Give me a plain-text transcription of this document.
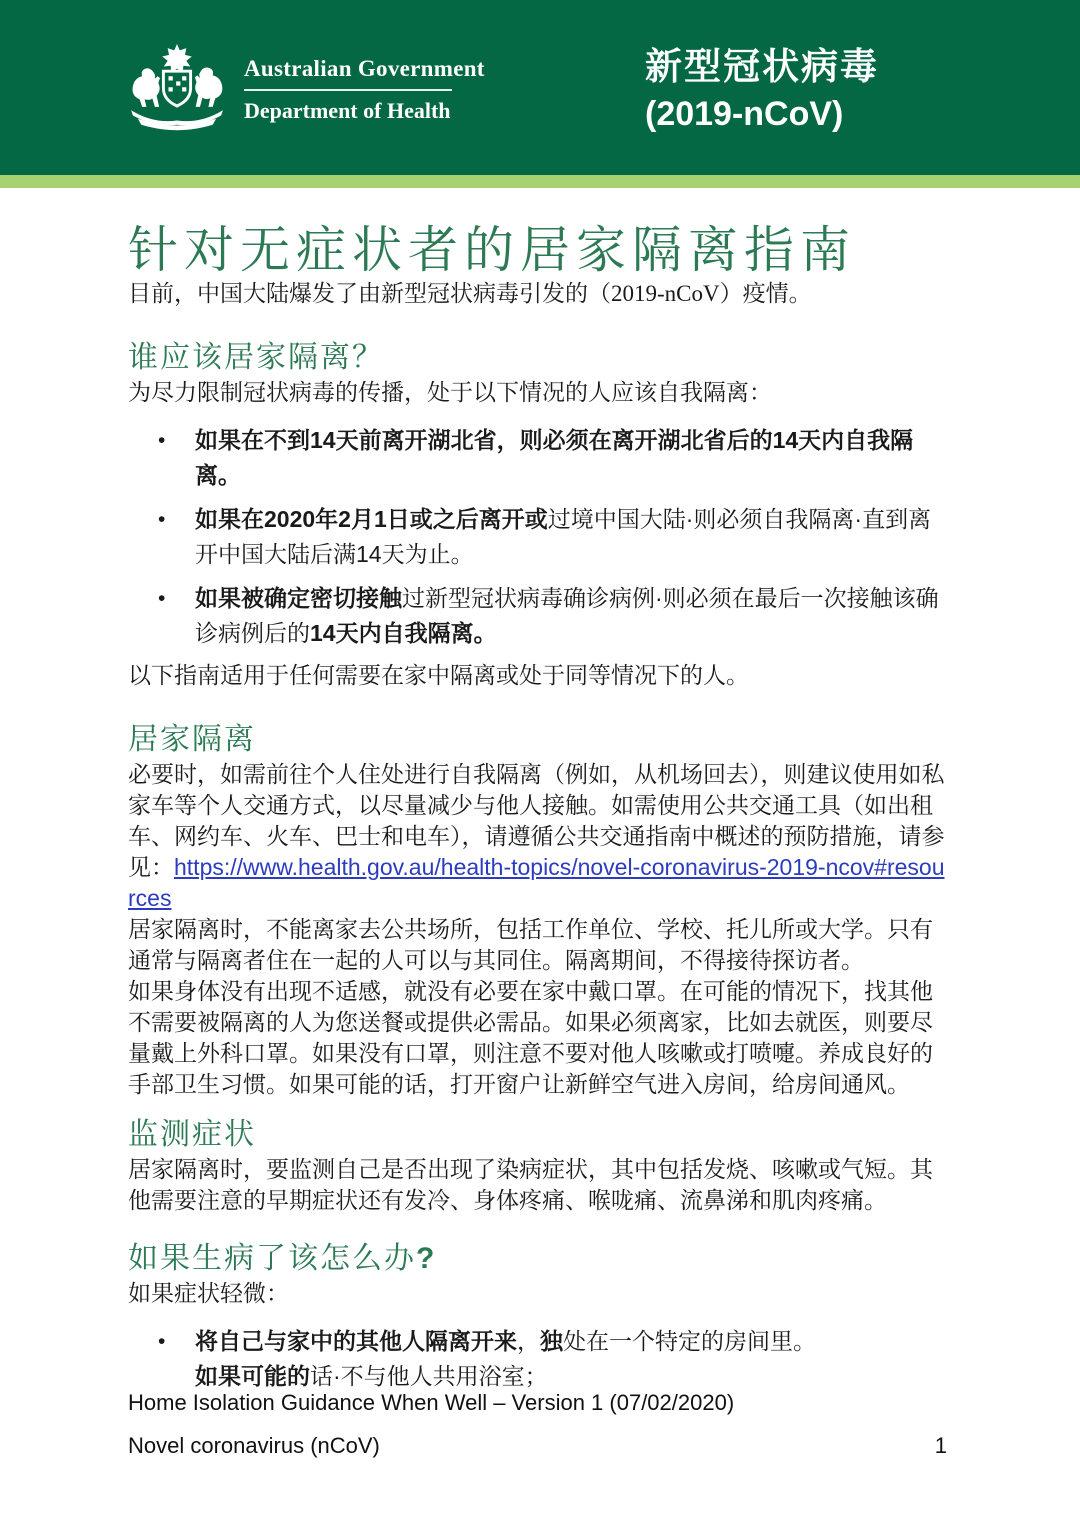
Australian Government
Department of Health
新型冠状病毒
(2019-nCoV)
针对无症状者的居家隔离指南

目前，中国大陆爆发了由新型冠状病毒引发的（2019-nCoV）疫情。

谁应该居家隔离？

为尽力限制冠状病毒的传播，处于以下情况的人应该自我隔离：

•	如果在不到14天前离开湖北省，则必须在离开湖北省后的14天内自我隔离。
•	如果在2020年2月1日或之后离开或过境中国大陆·则必须自我隔离·直到离开中国大陆后满14天为止。
•	如果被确定密切接触过新型冠状病毒确诊病例·则必须在最后一次接触该确诊病例后的14天内自我隔离。

以下指南适用于任何需要在家中隔离或处于同等情况下的人。

居家隔离

必要时，如需前往个人住处进行自我隔离（例如，从机场回去），则建议使用如私家车等个人交通方式，以尽量减少与他人接触。如需使用公共交通工具（如出租车、网约车、火车、巴士和电车），请遵循公共交通指南中概述的预防措施，请参见：https://www.health.gov.au/health-topics/novel-coronavirus-2019-ncov#resources

居家隔离时，不能离家去公共场所，包括工作单位、学校、托儿所或大学。只有通常与隔离者住在一起的人可以与其同住。隔离期间，不得接待探访者。

如果身体没有出现不适感，就没有必要在家中戴口罩。在可能的情况下，找其他不需要被隔离的人为您送餐或提供必需品。如果必须离家，比如去就医，则要尽量戴上外科口罩。如果没有口罩，则注意不要对他人咳嗽或打喷嚏。养成良好的手部卫生习惯。如果可能的话，打开窗户让新鲜空气进入房间，给房间通风。

监测症状

居家隔离时，要监测自己是否出现了染病症状，其中包括发烧、咳嗽或气短。其他需要注意的早期症状还有发冷、身体疼痛、喉咙痛、流鼻涕和肌肉疼痛。

如果生病了该怎么办?

如果症状轻微：

•	将自己与家中的其他人隔离开来，独处在一个特定的房间里。
如果可能的话·不与他人共用浴室；
Home Isolation Guidance When Well – Version 1 (07/02/2020)
Novel coronavirus (nCoV)	1
